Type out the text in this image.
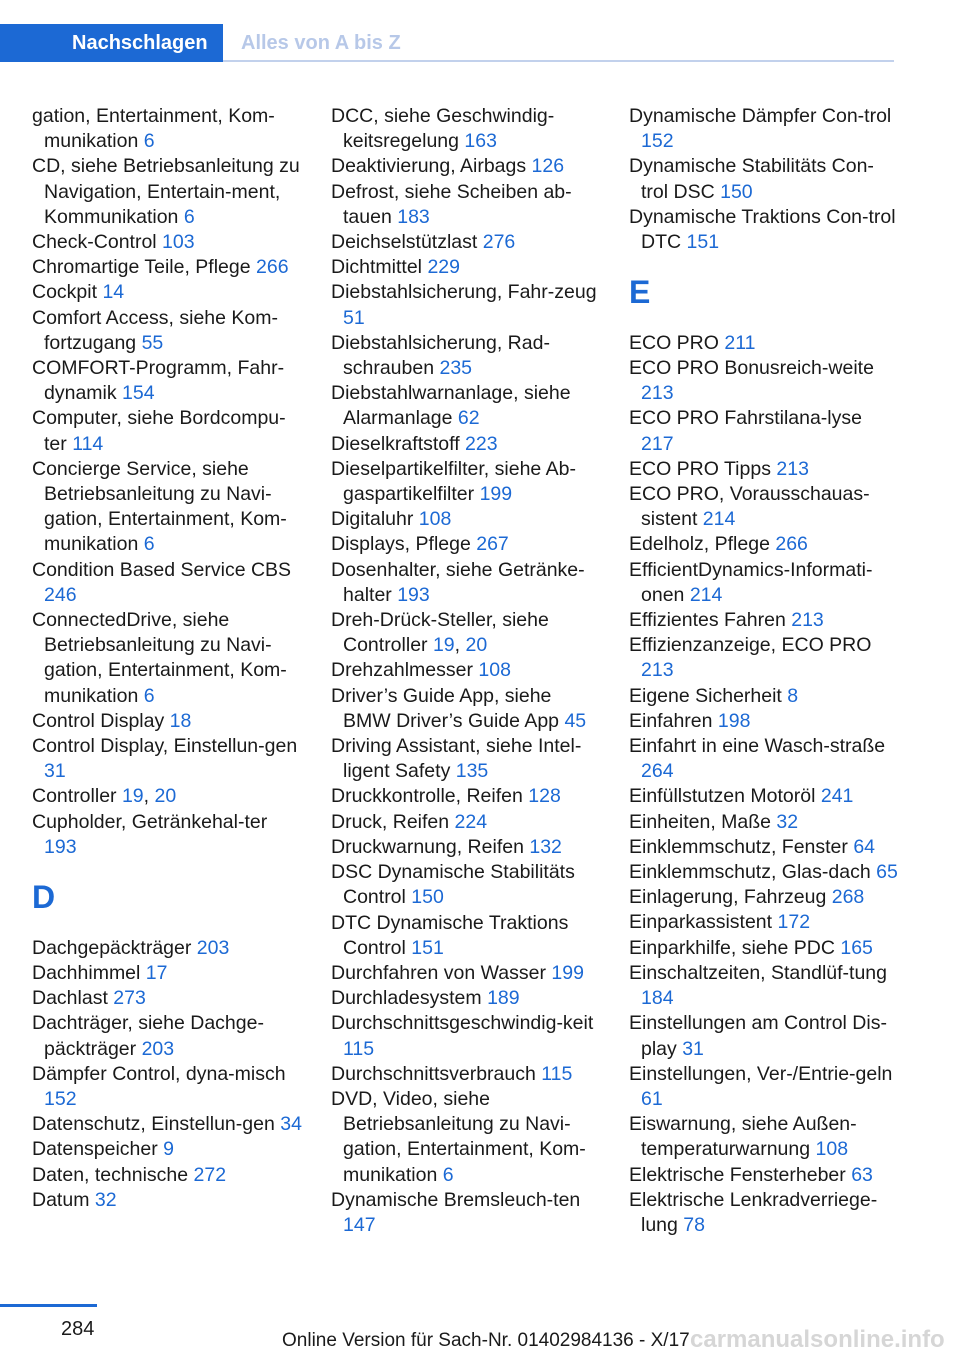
Nachschlagen	Alles von A bis Z
gation, Entertainment, Kom-munikation 6
CD, siehe Betriebsanleitung zu Navigation, Entertain-ment, Kommunikation 6
Check-Control 103
Chromartige Teile, Pflege 266
Cockpit 14
Comfort Access, siehe Kom-fortzugang 55
COMFORT-Programm, Fahr-dynamik 154
Computer, siehe Bordcompu-ter 114
Concierge Service, siehe Betriebsanleitung zu Navi-gation, Entertainment, Kom-munikation 6
Condition Based Service CBS 246
ConnectedDrive, siehe Betriebsanleitung zu Navi-gation, Entertainment, Kom-munikation 6
Control Display 18
Control Display, Einstellun-gen 31
Controller 19, 20
Cupholder, Getränkehal-ter 193
D
Dachgepäckträger 203
Dachhimmel 17
Dachlast 273
Dachträger, siehe Dachge-päckträger 203
Dämpfer Control, dyna-misch 152
Datenschutz, Einstellun-gen 34
Datenspeicher 9
Daten, technische 272
Datum 32
DCC, siehe Geschwindig-keitsregelung 163
Deaktivierung, Airbags 126
Defrost, siehe Scheiben ab-tauen 183
Deichselstützlast 276
Dichtmittel 229
Diebstahlsicherung, Fahr-zeug 51
Diebstahlsicherung, Rad-schrauben 235
Diebstahlwarnanlage, siehe Alarmanlage 62
Dieselkraftstoff 223
Dieselpartikelfilter, siehe Ab-gaspartikelfilter 199
Digitaluhr 108
Displays, Pflege 267
Dosenhalter, siehe Getränke-halter 193
Dreh-Drück-Steller, siehe Controller 19, 20
Drehzahlmesser 108
Driver’s Guide App, siehe BMW Driver’s Guide App 45
Driving Assistant, siehe Intel-ligent Safety 135
Druckkontrolle, Reifen 128
Druck, Reifen 224
Druckwarnung, Reifen 132
DSC Dynamische Stabilitäts Control 150
DTC Dynamische Traktions Control 151
Durchfahren von Wasser 199
Durchladesystem 189
Durchschnittsgeschwindig-keit 115
Durchschnittsverbrauch 115
DVD, Video, siehe Betriebsanleitung zu Navi-gation, Entertainment, Kom-munikation 6
Dynamische Bremsleuch-ten 147
Dynamische Dämpfer Con-trol 152
Dynamische Stabilitäts Con-trol DSC 150
Dynamische Traktions Con-trol DTC 151
E
ECO PRO 211
ECO PRO Bonusreich-weite 213
ECO PRO Fahrstilana-lyse 217
ECO PRO Tipps 213
ECO PRO, Vorausschauas-sistent 214
Edelholz, Pflege 266
EfficientDynamics-Informati-onen 214
Effizientes Fahren 213
Effizienzanzeige, ECO PRO 213
Eigene Sicherheit 8
Einfahren 198
Einfahrt in eine Wasch-straße 264
Einfüllstutzen Motoröl 241
Einheiten, Maße 32
Einklemmschutz, Fenster 64
Einklemmschutz, Glas-dach 65
Einlagerung, Fahrzeug 268
Einparkassistent 172
Einparkhilfe, siehe PDC 165
Einschaltzeiten, Standlüf-tung 184
Einstellungen am Control Dis-play 31
Einstellungen, Ver-/Entrie-geln 61
Eiswarnung, siehe Außen-temperaturwarnung 108
Elektrische Fensterheber 63
Elektrische Lenkradverriege-lung 78
284
Online Version für Sach-Nr. 01402984136 - X/17 carmanualsonline.info
